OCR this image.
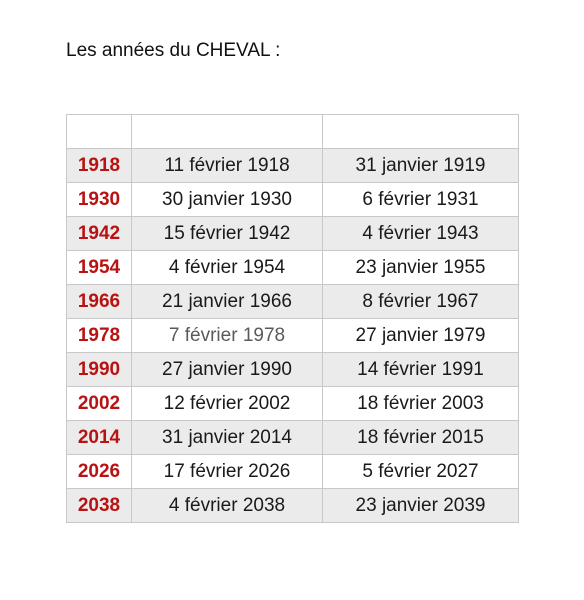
Les années du CHEVAL :

1918	11 février 1918	31 janvier 1919
1930	30 janvier 1930	6 février 1931
1942	15 février 1942	4 février 1943
1954	4 février 1954	23 janvier 1955
1966	21 janvier 1966	8 février 1967
1978	7 février 1978	27 janvier 1979
1990	27 janvier 1990	14 février 1991
2002	12 février 2002	18 février 2003
2014	31 janvier 2014	18 février 2015
2026	17 février 2026	5 février 2027
2038	4 février 2038	23 janvier 2039
